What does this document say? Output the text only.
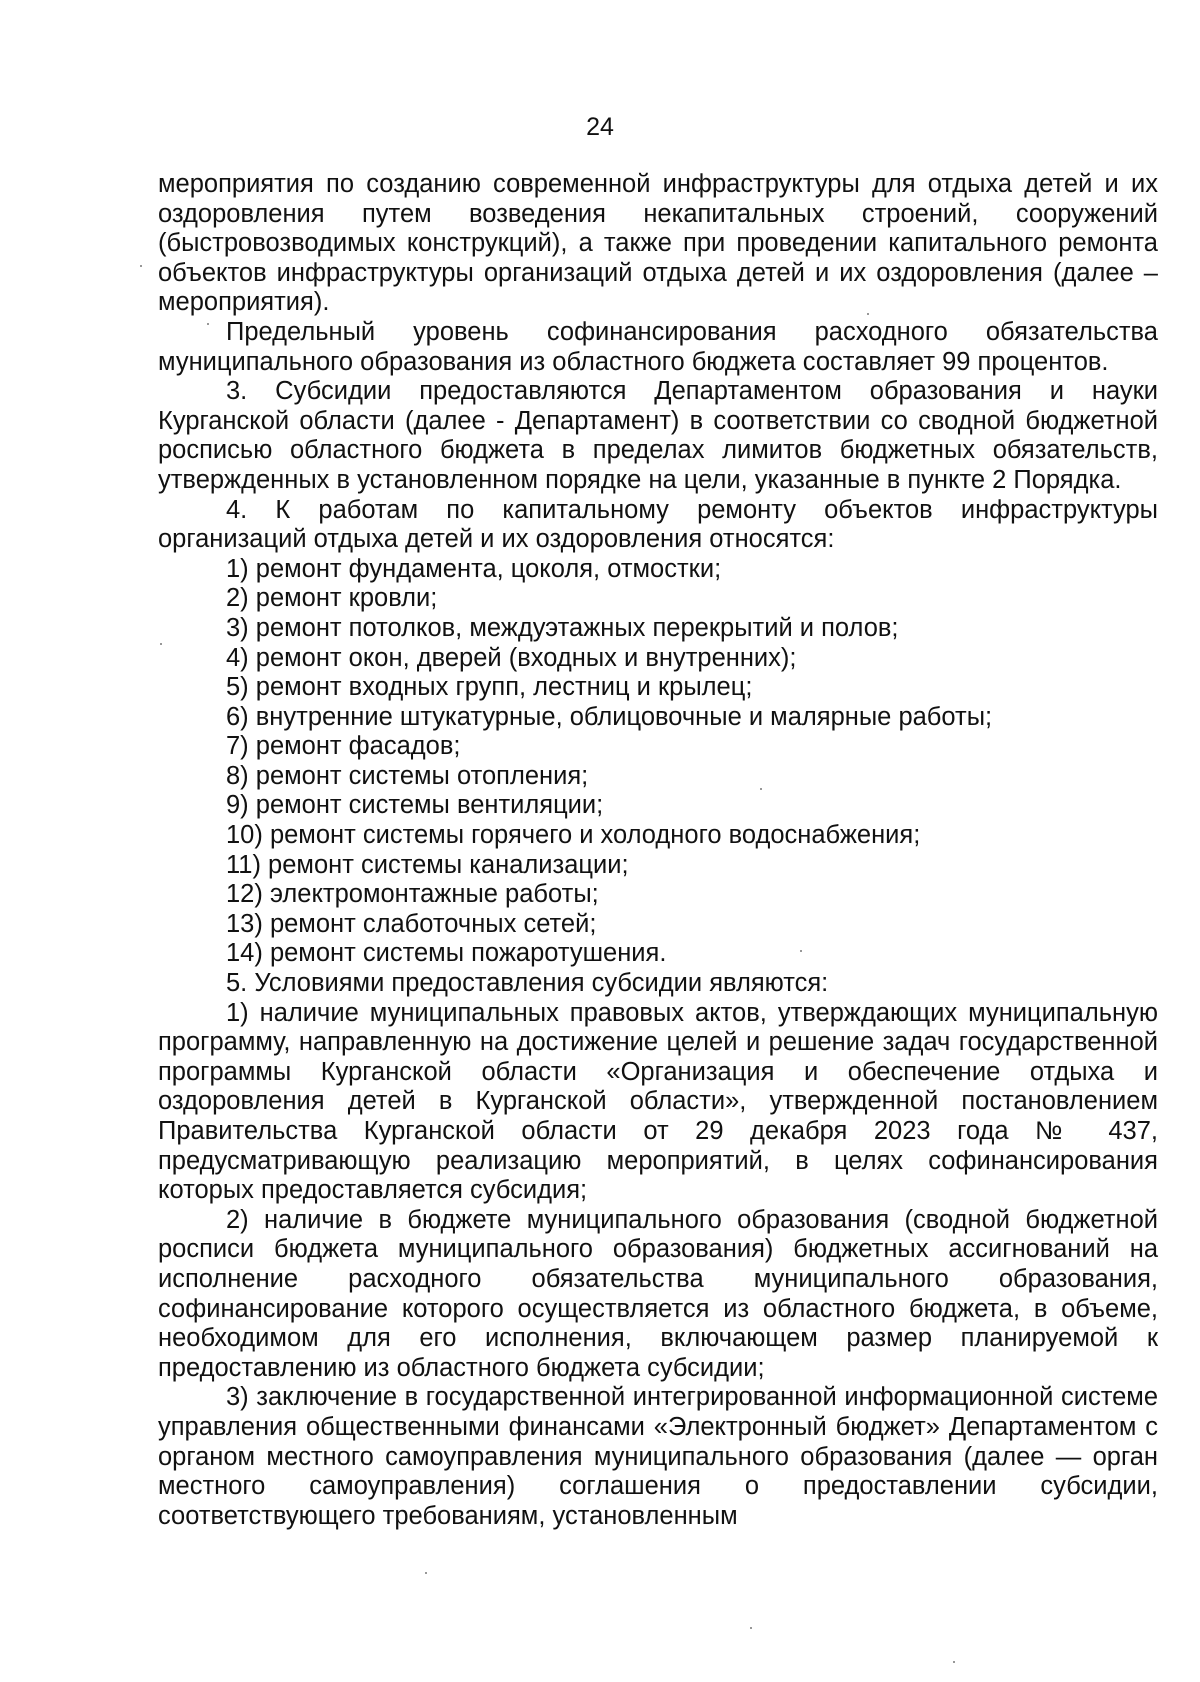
24

мероприятия по созданию современной инфраструктуры для отдыха детей и их оздоровления путем возведения некапитальных строений, сооружений (быстровозводимых конструкций), а также при проведении капитального ремонта объектов инфраструктуры организаций отдыха детей и их оздоровления (далее – мероприятия).

Предельный уровень софинансирования расходного обязательства муниципального образования из областного бюджета составляет 99 процентов.

3. Субсидии предоставляются Департаментом образования и науки Курганской области (далее - Департамент) в соответствии со сводной бюджетной росписью областного бюджета в пределах лимитов бюджетных обязательств, утвержденных в установленном порядке на цели, указанные в пункте 2 Порядка.

4. К работам по капитальному ремонту объектов инфраструктуры организаций отдыха детей и их оздоровления относятся:

1) ремонт фундамента, цоколя, отмостки;

2) ремонт кровли;

3) ремонт потолков, междуэтажных перекрытий и полов;

4) ремонт окон, дверей (входных и внутренних);

5) ремонт входных групп, лестниц и крылец;

6) внутренние штукатурные, облицовочные и малярные работы;

7) ремонт фасадов;

8) ремонт системы отопления;

9) ремонт системы вентиляции;

10) ремонт системы горячего и холодного водоснабжения;

11) ремонт системы канализации;

12) электромонтажные работы;

13) ремонт слаботочных сетей;

14) ремонт системы пожаротушения.

5. Условиями предоставления субсидии являются:

1) наличие муниципальных правовых актов, утверждающих муниципальную программу, направленную на достижение целей и решение задач государственной программы Курганской области «Организация и обеспечение отдыха и оздоровления детей в Курганской области», утвержденной постановлением Правительства Курганской области от 29 декабря 2023 года № 437, предусматривающую реализацию мероприятий, в целях софинансирования которых предоставляется субсидия;

2) наличие в бюджете муниципального образования (сводной бюджетной росписи бюджета муниципального образования) бюджетных ассигнований на исполнение расходного обязательства муниципального образования, софинансирование которого осуществляется из областного бюджета, в объеме, необходимом для его исполнения, включающем размер планируемой к предоставлению из областного бюджета субсидии;

3) заключение в государственной интегрированной информационной системе управления общественными финансами «Электронный бюджет» Департаментом с органом местного самоуправления муниципального образования (далее — орган местного самоуправления) соглашения о предоставлении субсидии, соответствующего требованиям, установленным
